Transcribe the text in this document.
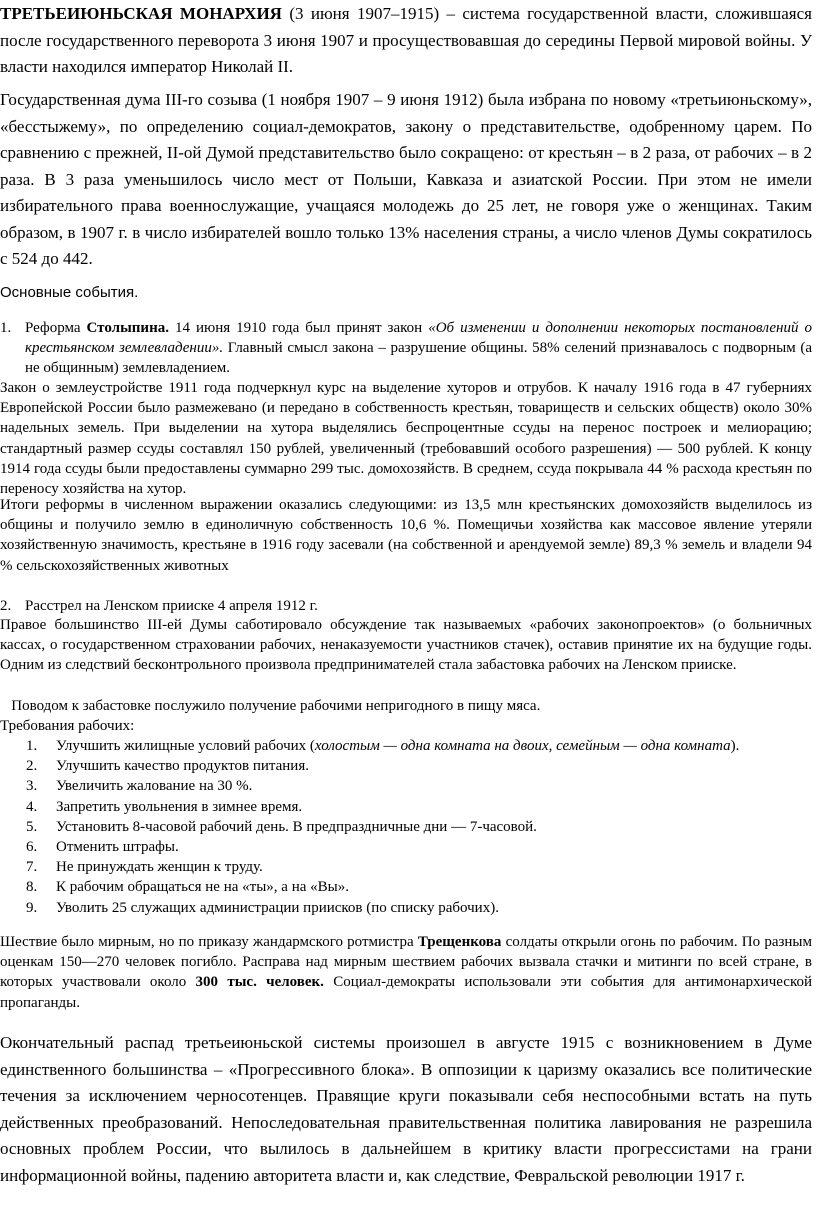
ТРЕТЬЕИЮНЬСКАЯ МОНАРХИЯ (3 июня 1907–1915) – система государственной власти, сложившаяся после государственного переворота 3 июня 1907 и просуществовавшая до середины Первой мировой войны. У власти находился император Николай II.

Государственная дума III-го созыва (1 ноября 1907 – 9 июня 1912) была избрана по новому «третьиюньскому», «бесстыжему», по определению социал-демократов, закону о представительстве, одобренному царем. По сравнению с прежней, II-ой Думой представительство было сокращено: от крестьян – в 2 раза, от рабочих – в 2 раза. В 3 раза уменьшилось число мест от Польши, Кавказа и азиатской России. При этом не имели избирательного права военнослужащие, учащаяся молодежь до 25 лет, не говоря уже о женщинах. Таким образом, в 1907 г. в число избирателей вошло только 13% населения страны, а число членов Думы сократилось с 524 до 442.

Основные события.

1. Реформа Столыпина. 14 июня 1910 года был принят закон «Об изменении и дополнении некоторых постановлений о крестьянском землевладении». Главный смысл закона – разрушение общины. 58% селений признавалось с подворным (а не общинным) землевладением.

Закон о землеустройстве 1911 года подчеркнул курс на выделение хуторов и отрубов. К началу 1916 года в 47 губерниях Европейской России было размежевано (и передано в собственность крестьян, товариществ и сельских обществ) около 30% надельных земель. При выделении на хутора выделялись беспроцентные ссуды на перенос построек и мелиорацию; стандартный размер ссуды составлял 150 рублей, увеличенный (требовавший особого разрешения) — 500 рублей. К концу 1914 года ссуды были предоставлены суммарно 299 тыс. домохозяйств. В среднем, ссуда покрывала 44 % расхода крестьян по переносу хозяйства на хутор.

Итоги реформы в численном выражении оказались следующими: из 13,5 млн крестьянских домохозяйств выделилось из общины и получило землю в единоличную собственность 10,6 %. Помещичьи хозяйства как массовое явление утеряли хозяйственную значимость, крестьяне в 1916 году засевали (на собственной и арендуемой земле) 89,3 % земель и владели 94 % сельскохозяйственных животных

2. Расстрел на Ленском прииске 4 апреля 1912 г.

Правое большинство III-ей Думы саботировало обсуждение так называемых «рабочих законопроектов» (о больничных кассах, о государственном страховании рабочих, ненаказуемости участников стачек), оставив принятие их на будущие годы. Одним из следствий бесконтрольного произвола предпринимателей стала забастовка рабочих на Ленском прииске.

Поводом к забастовке послужило получение рабочими непригодного в пищу мяса.

Требования рабочих:

1. Улучшить жилищные условий рабочих (холостым — одна комната на двоих, семейным — одна комната).
2. Улучшить качество продуктов питания.
3. Увеличить жалование на 30 %.
4. Запретить увольнения в зимнее время.
5. Установить 8-часовой рабочий день. В предпраздничные дни — 7-часовой.
6. Отменить штрафы.
7. Не принуждать женщин к труду.
8. К рабочим обращаться не на «ты», а на «Вы».
9. Уволить 25 служащих администрации приисков (по списку рабочих).

Шествие было мирным, но по приказу жандармского ротмистра Трещенкова солдаты открыли огонь по рабочим. По разным оценкам 150—270 человек погибло. Расправа над мирным шествием рабочих вызвала стачки и митинги по всей стране, в которых участвовали около 300 тыс. человек. Социал-демократы использовали эти события для антимонархической пропаганды.

Окончательный распад третьеиюньской системы произошел в августе 1915 с возникновением в Думе единственного большинства – «Прогрессивного блока». В оппозиции к царизму оказались все политические течения за исключением черносотенцев. Правящие круги показывали себя неспособными встать на путь действенных преобразований. Непоследовательная правительственная политика лавирования не разрешила основных проблем России, что вылилось в дальнейшем в критику власти прогрессистами на грани информационной войны, падению авторитета власти и, как следствие, Февральской революции 1917 г.
